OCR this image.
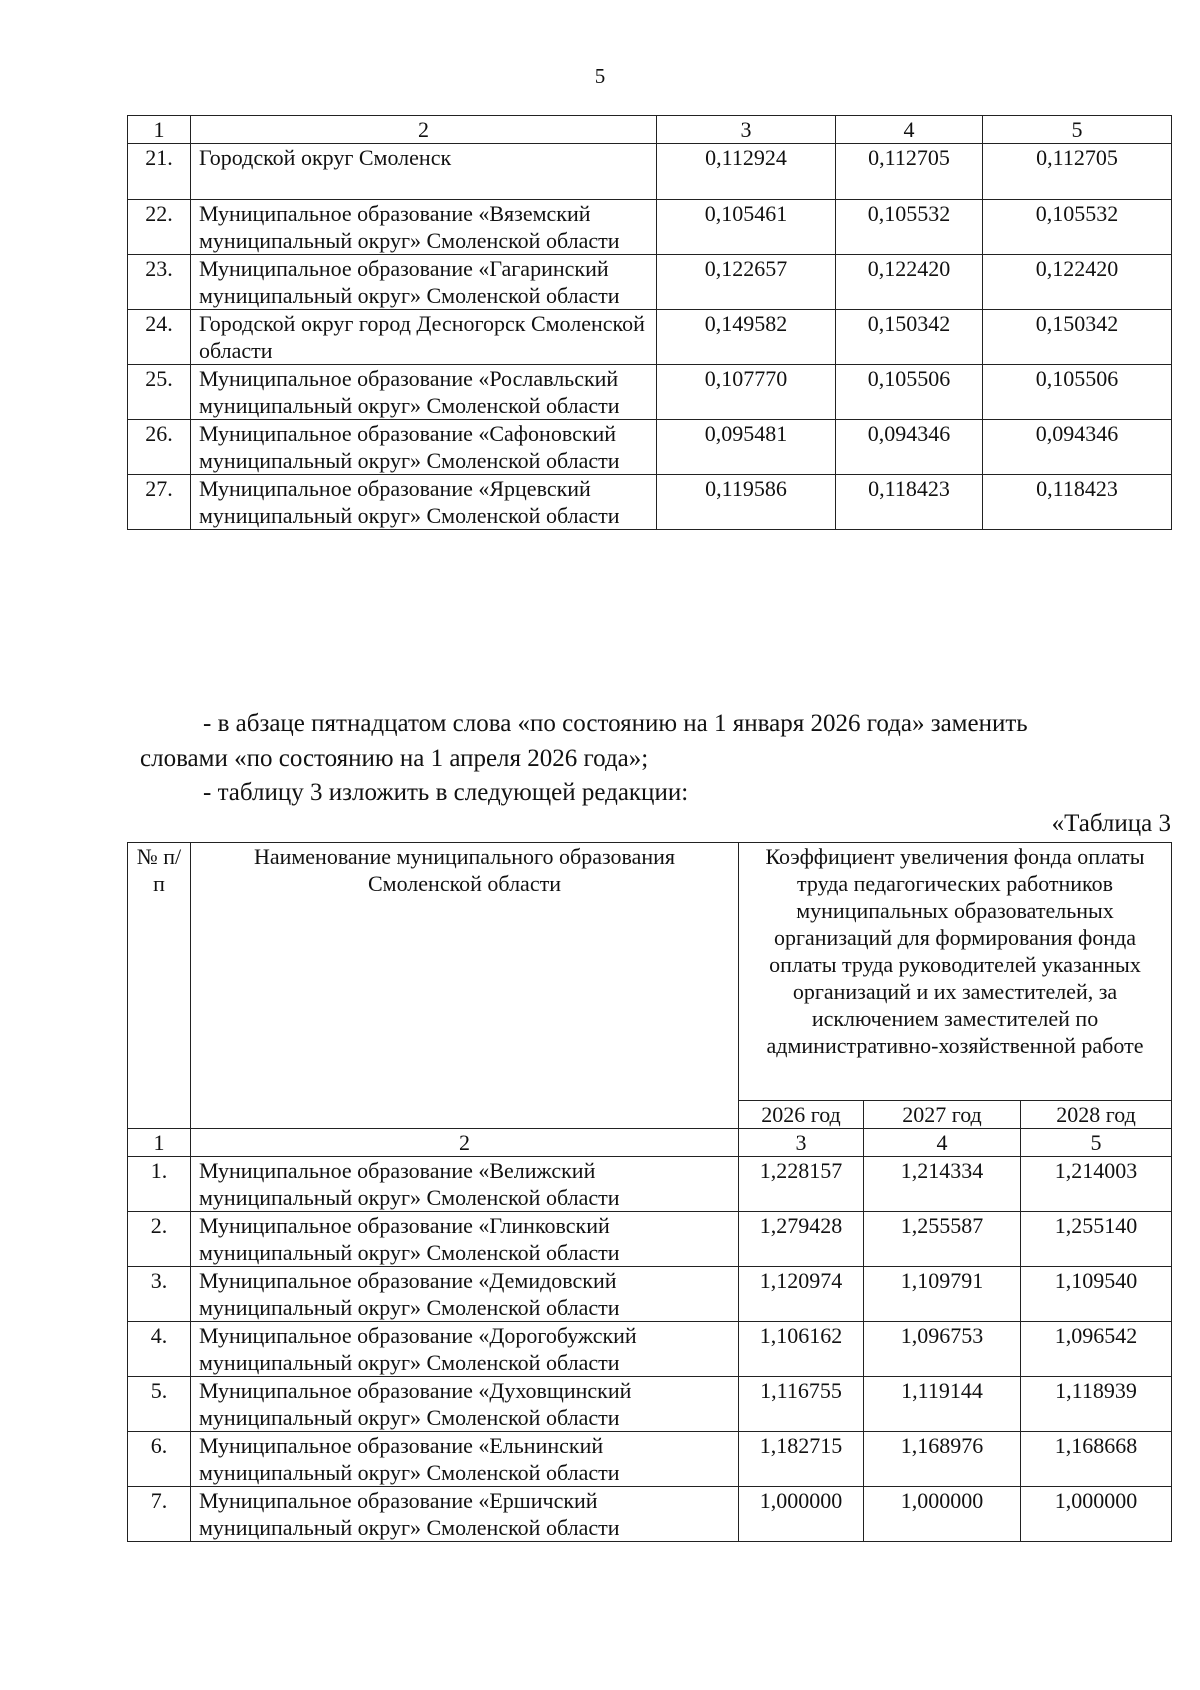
5
1	2	3	4	5
21.	Городской округ Смоленск	0,112924	0,112705	0,112705
22.	Муниципальное образование «Вяземский муниципальный округ» Смоленской области	0,105461	0,105532	0,105532
23.	Муниципальное образование «Гагаринский муниципальный округ» Смоленской области	0,122657	0,122420	0,122420
24.	Городской округ город Десногорск Смоленской области	0,149582	0,150342	0,150342
25.	Муниципальное образование «Рославльский муниципальный округ» Смоленской области	0,107770	0,105506	0,105506
26.	Муниципальное образование «Сафоновский муниципальный округ» Смоленской области	0,095481	0,094346	0,094346
27.	Муниципальное образование «Ярцевский муниципальный округ» Смоленской области	0,119586	0,118423	0,118423
- в абзаце пятнадцатом слова «по состоянию на 1 января 2026 года» заменить
словами «по состоянию на 1 апреля 2026 года»;
- таблицу 3 изложить в следующей редакции:
«Таблица 3
№ п/п	Наименование муниципального образования Смоленской области	Коэффициент увеличения фонда оплаты труда педагогических работников муниципальных образовательных организаций для формирования фонда оплаты труда руководителей указанных организаций и их заместителей, за исключением заместителей по административно-хозяйственной работе		
		2026 год	2027 год	2028 год
1	2	3	4	5
1.	Муниципальное образование «Велижский муниципальный округ» Смоленской области	1,228157	1,214334	1,214003
2.	Муниципальное образование «Глинковский муниципальный округ» Смоленской области	1,279428	1,255587	1,255140
3.	Муниципальное образование «Демидовский муниципальный округ» Смоленской области	1,120974	1,109791	1,109540
4.	Муниципальное образование «Дорогобужский муниципальный округ» Смоленской области	1,106162	1,096753	1,096542
5.	Муниципальное образование «Духовщинский муниципальный округ» Смоленской области	1,116755	1,119144	1,118939
6.	Муниципальное образование «Ельнинский муниципальный округ» Смоленской области	1,182715	1,168976	1,168668
7.	Муниципальное образование «Ершичский муниципальный округ» Смоленской области	1,000000	1,000000	1,000000
